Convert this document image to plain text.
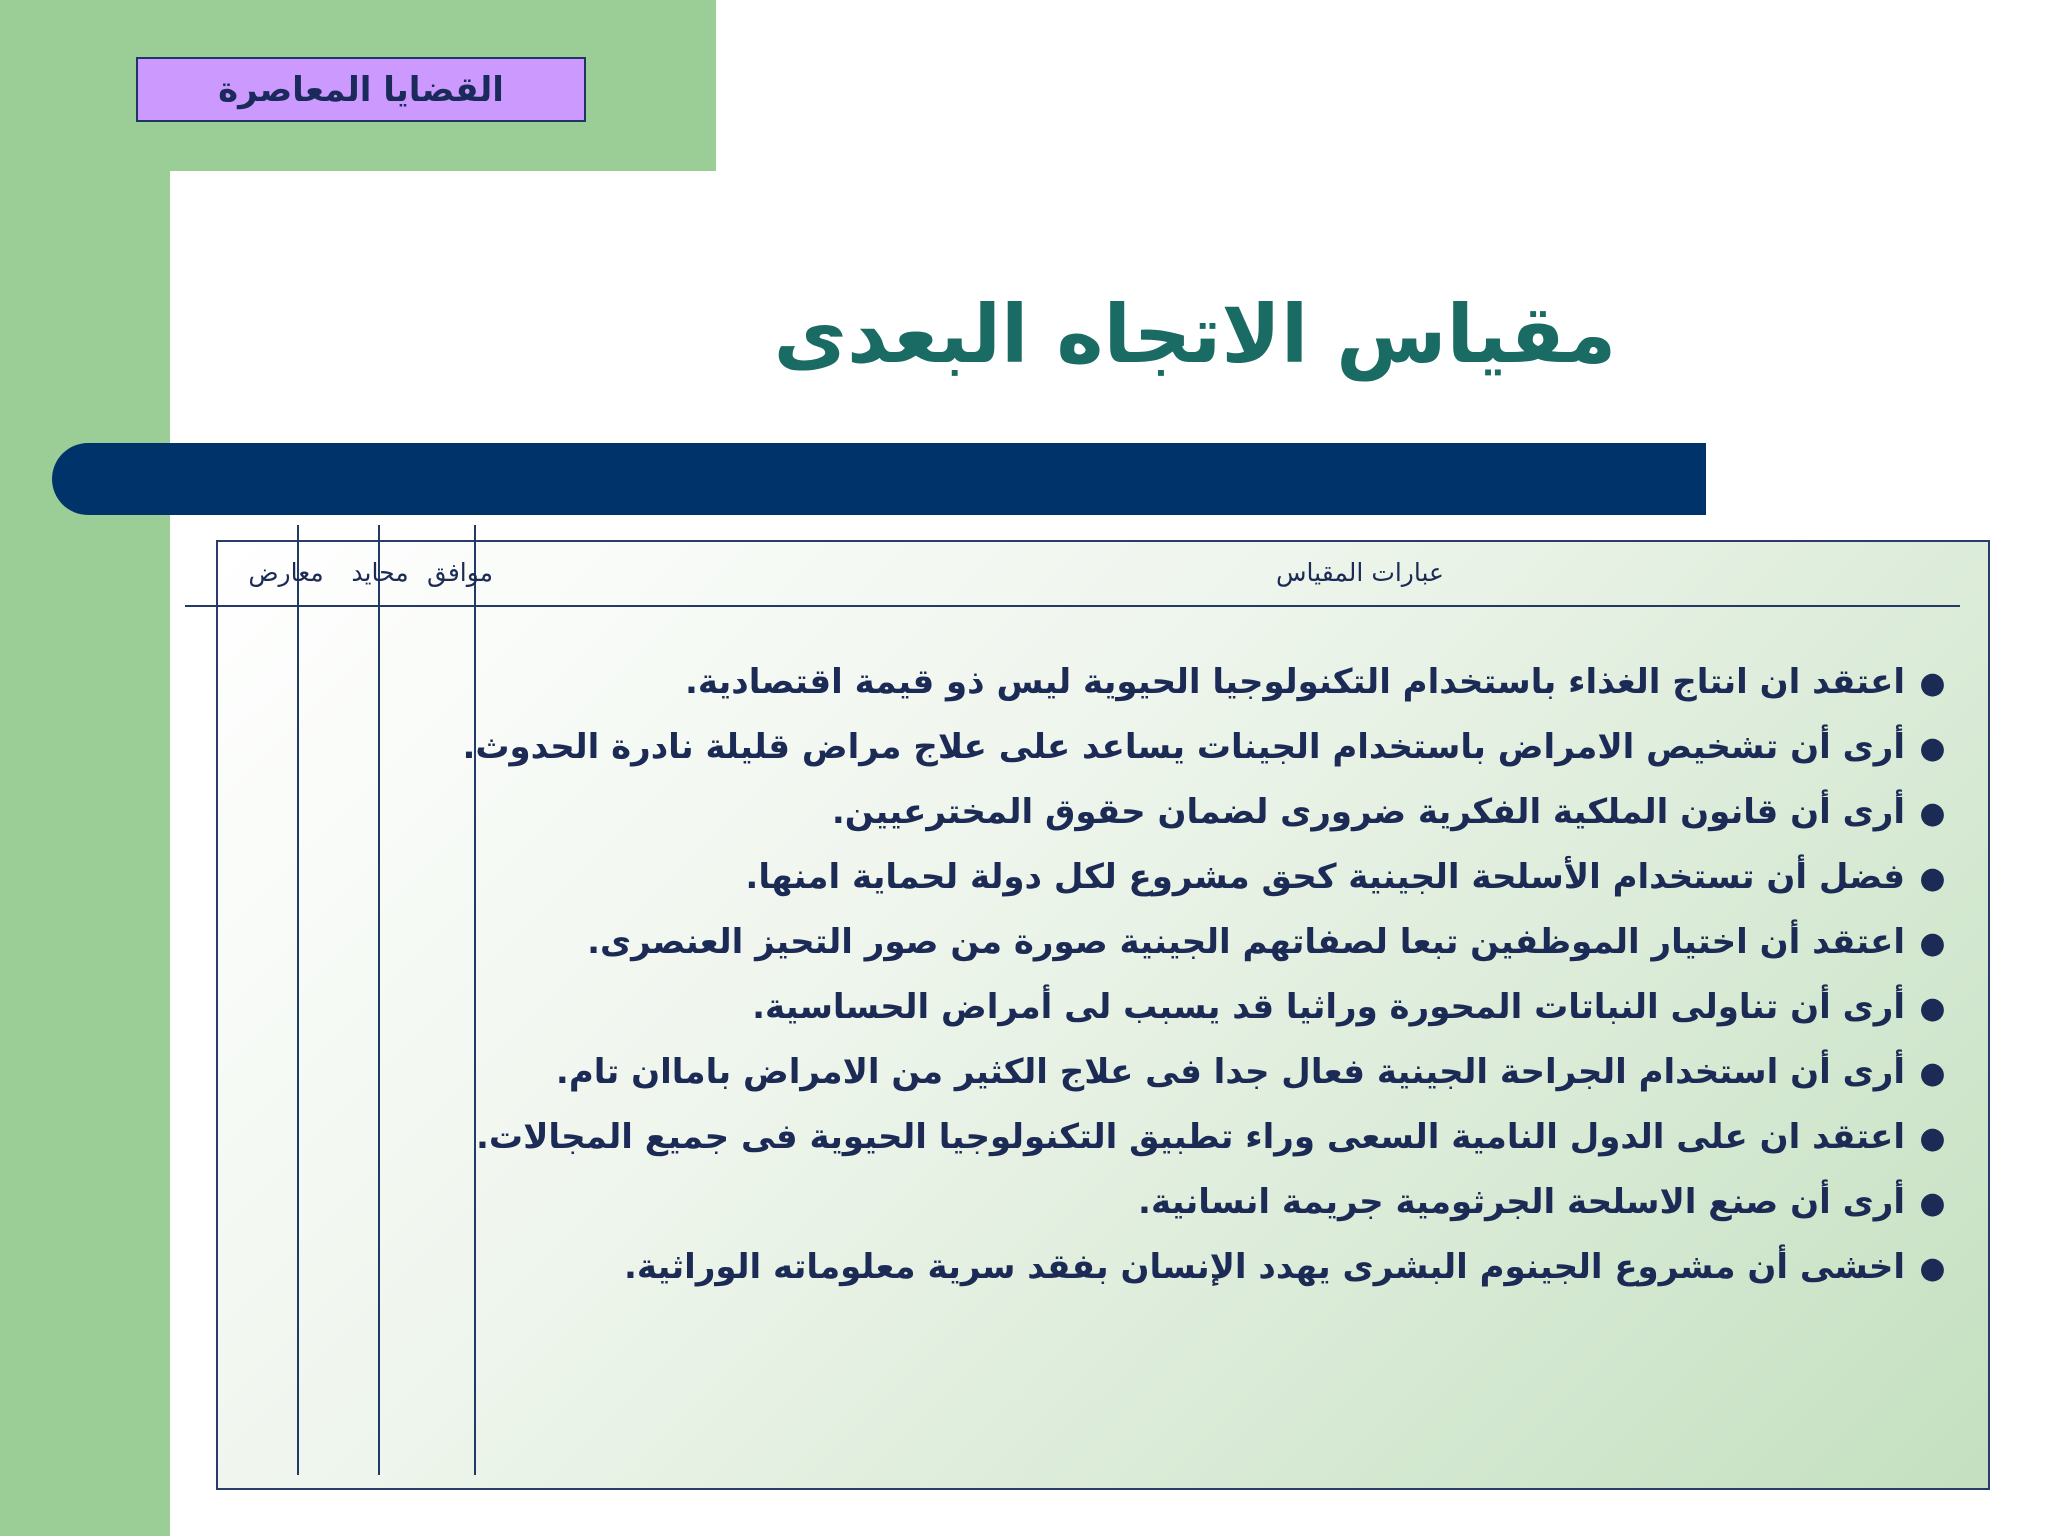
القضايا المعاصرة
مقياس الاتجاه البعدى
عبارات المقياس
موافق
محايد
معارض
●اعتقد ان انتاج الغذاء باستخدام التكنولوجيا الحيوية ليس ذو قيمة اقتصادية.
●أرى أن تشخيص الامراض باستخدام الجينات يساعد على علاج مراض قليلة نادرة الحدوث.
●أرى أن قانون الملكية الفكرية ضرورى لضمان حقوق المخترعيين.
●فضل أن تستخدام الأسلحة الجينية كحق مشروع لكل دولة لحماية امنها.
●اعتقد أن اختيار الموظفين تبعا لصفاتهم الجينية صورة من صور التحيز العنصرى.
●أرى أن تناولى النباتات المحورة وراثيا قد يسبب لى أمراض الحساسية.
●أرى أن استخدام الجراحة الجينية فعال جدا فى علاج الكثير من الامراض باماان تام.
●اعتقد ان على الدول النامية السعى وراء تطبيق التكنولوجيا الحيوية فى جميع المجالات.
●أرى أن صنع الاسلحة الجرثومية جريمة انسانية.
●اخشى أن مشروع الجينوم البشرى يهدد الإنسان بفقد سرية معلوماته الوراثية.
